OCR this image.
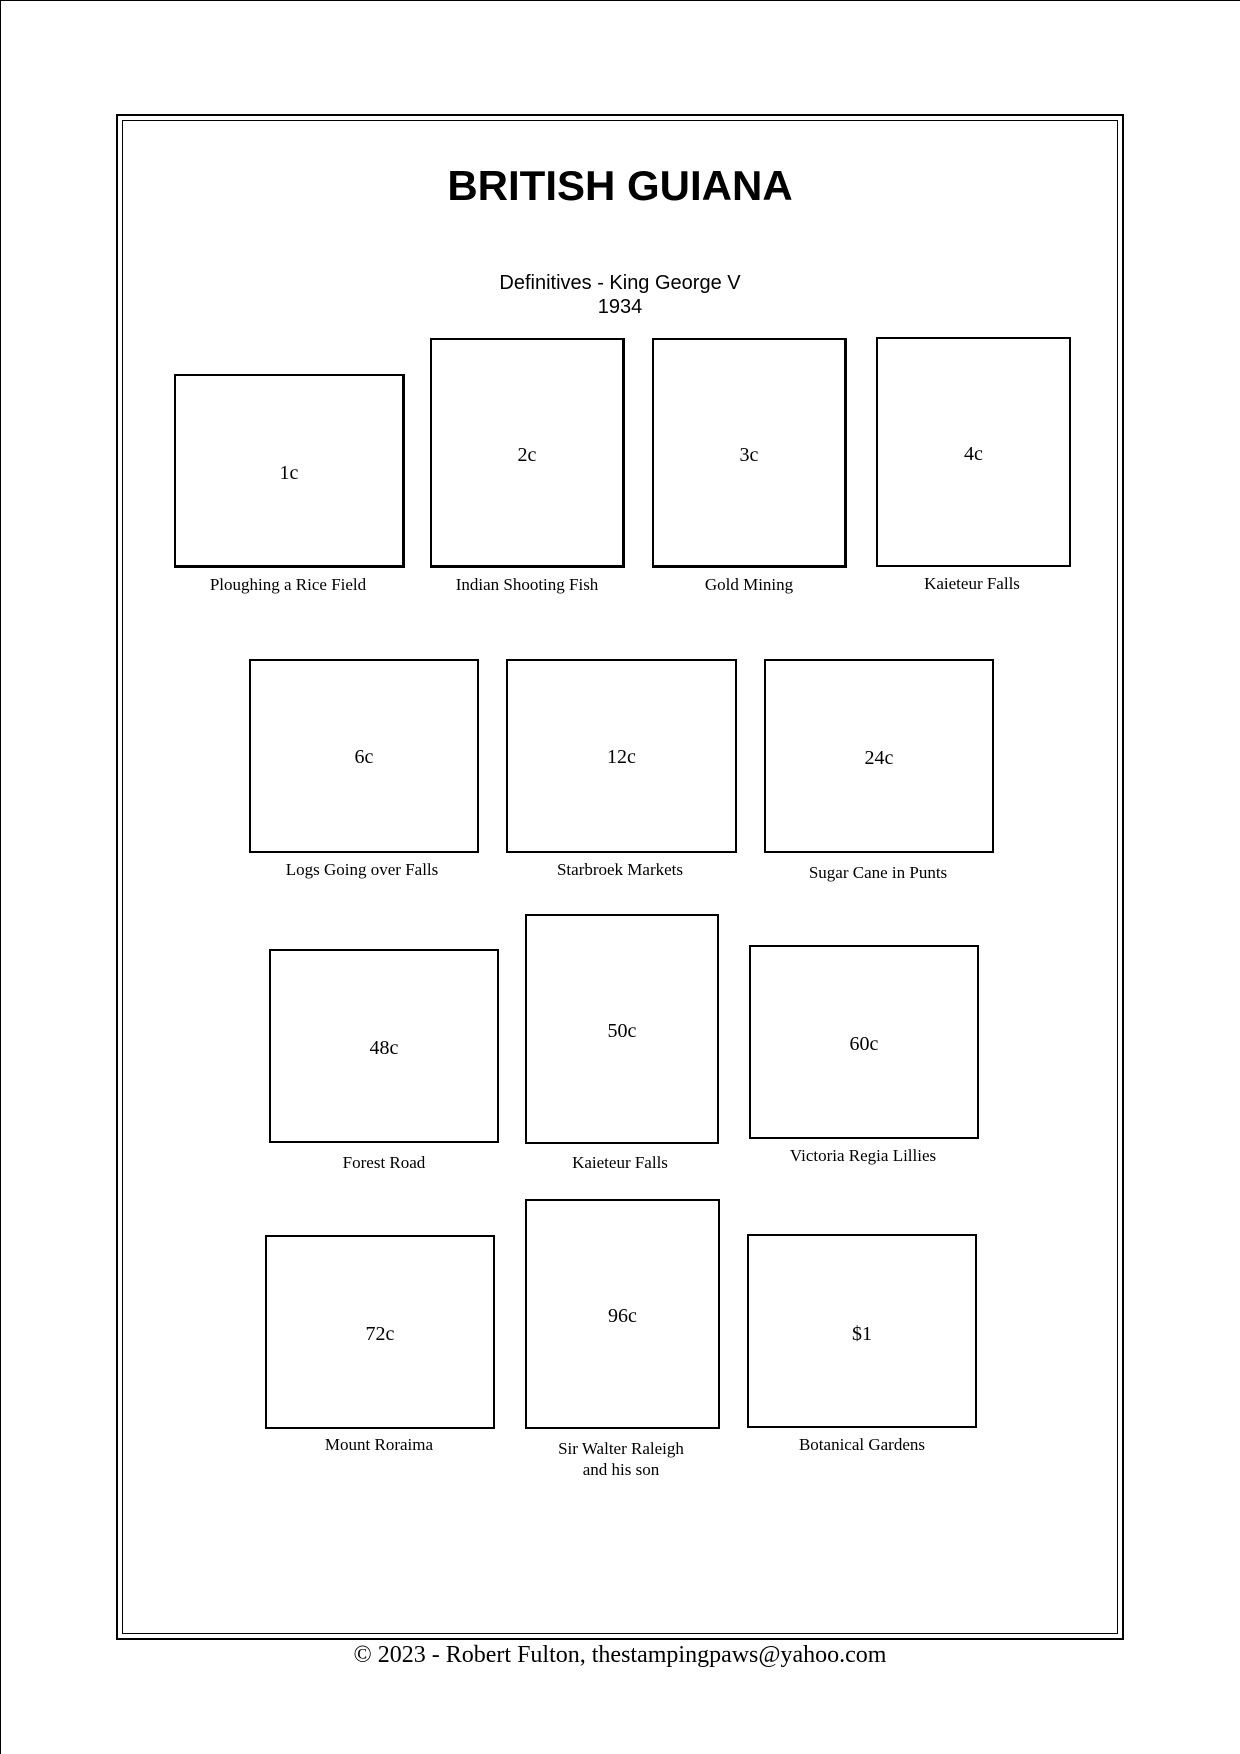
BRITISH GUIANA
Definitives - King George V
1934
1c
Ploughing a Rice Field
2c
Indian Shooting Fish
3c
Gold Mining
4c
Kaieteur Falls
6c
Logs Going over Falls
12c
Starbroek Markets
24c
Sugar Cane in Punts
48c
Forest Road
50c
Kaieteur Falls
60c
Victoria Regia Lillies
72c
Mount Roraima
96c
Sir Walter Raleigh
and his son
$1
Botanical Gardens
© 2023 - Robert Fulton, thestampingpaws@yahoo.com
